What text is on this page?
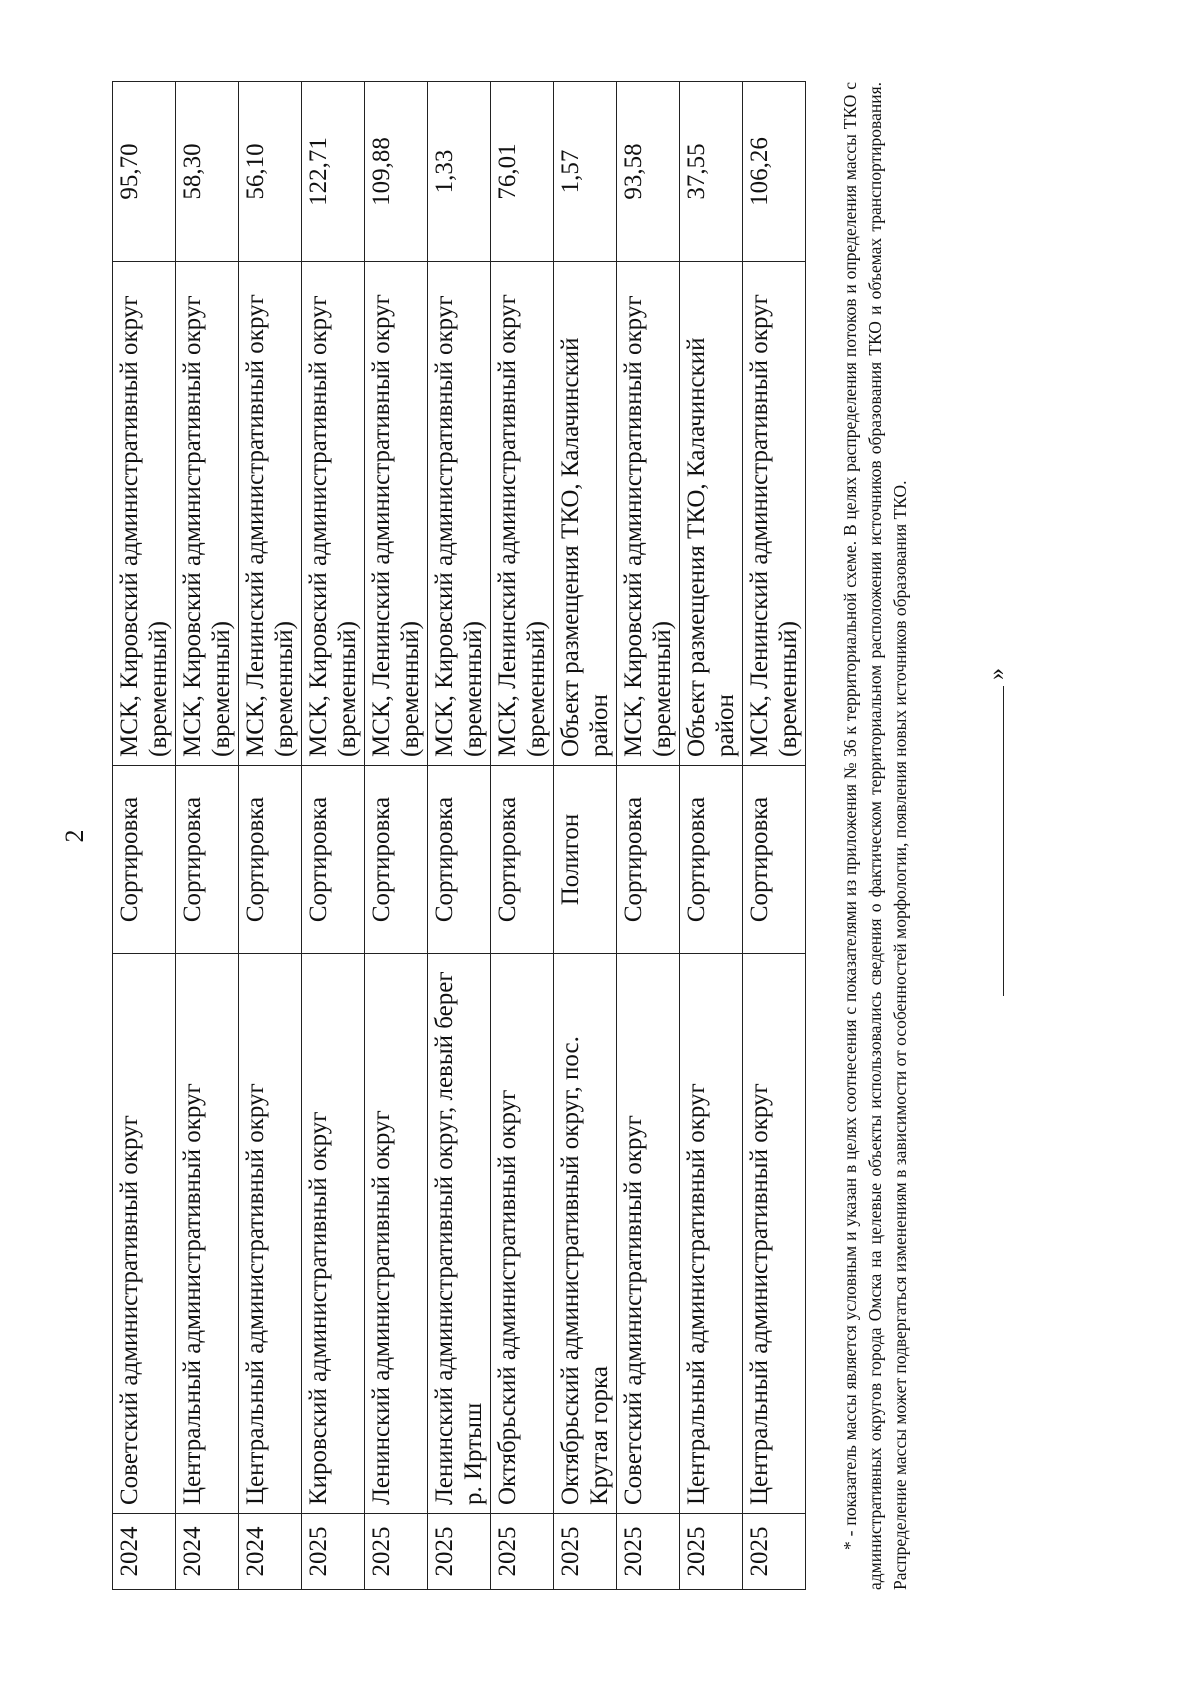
2
2024	Советский административный округ	Сортировка	МСК, Кировский административный округ (временный)	95,70
2024	Центральный административный округ	Сортировка	МСК, Кировский административный округ (временный)	58,30
2024	Центральный административный округ	Сортировка	МСК, Ленинский административный округ (временный)	56,10
2025	Кировский административный округ	Сортировка	МСК, Кировский административный округ (временный)	122,71
2025	Ленинский административный округ	Сортировка	МСК, Ленинский административный округ (временный)	109,88
2025	Ленинский административный округ, левый берег р. Иртыш	Сортировка	МСК, Кировский административный округ (временный)	1,33
2025	Октябрьский административный округ	Сортировка	МСК, Ленинский административный округ (временный)	76,01
2025	Октябрьский административный округ, пос. Крутая горка	Полигон	Объект размещения ТКО, Калачинский район	1,57
2025	Советский административный округ	Сортировка	МСК, Кировский административный округ (временный)	93,58
2025	Центральный административный округ	Сортировка	Объект размещения ТКО, Калачинский район	37,55
2025	Центральный административный округ	Сортировка	МСК, Ленинский административный округ (временный)	106,26	* - показатель массы является условным и указан в целях соотнесения с показателями из приложения № 36 к территориальной схеме. В целях распределения потоков и определения массы ТКО с административных округов города Омска на целевые объекты использовались сведения о фактическом территориальном расположении источников образования ТКО и объемах транспортирования. Распределение массы может подвергаться изменениям в зависимости от особенностей морфологии, появления новых источников образования ТКО.	»
